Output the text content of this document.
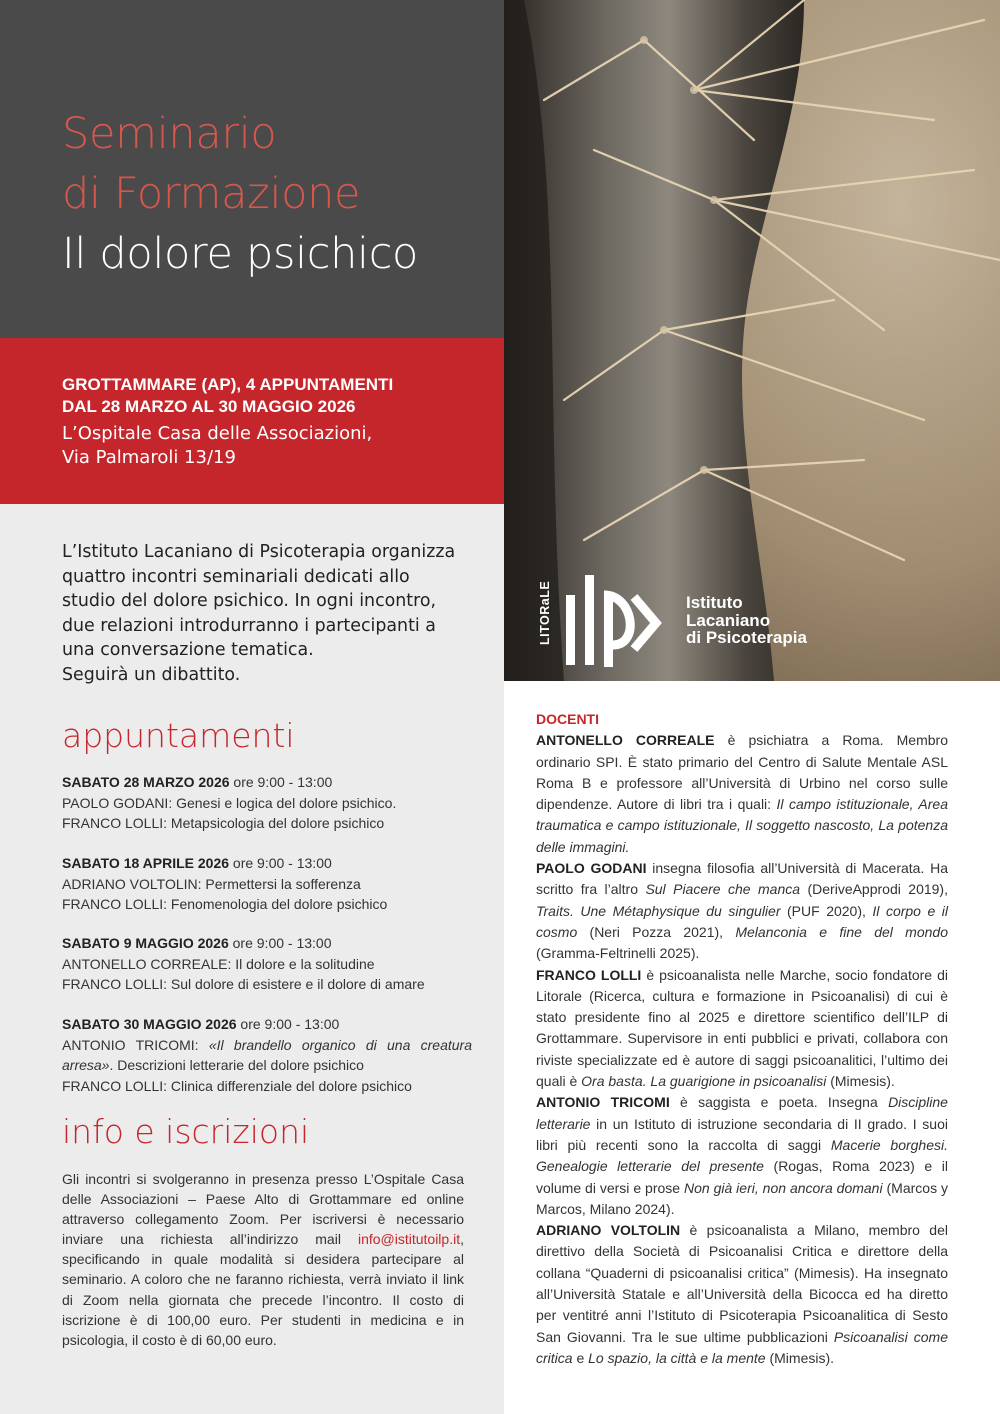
Seminario
di Formazione
Il dolore psichico
GROTTAMMARE (AP), 4 APPUNTAMENTI
DAL 28 MARZO AL 30 MAGGIO 2026
L’Ospitale Casa delle Associazioni,
Via Palmaroli 13/19
LITORaLE	Istituto
Lacaniano
di Psicoterapia
L’Istituto Lacaniano di Psicoterapia organizza quattro incontri seminariali dedicati allo studio del dolore psichico. In ogni incontro, due relazioni introdurranno i partecipanti a una conversazione tematica.
Seguirà un dibattito.
appuntamenti
SABATO 28 MARZO 2026 ore 9:00 - 13:00
PAOLO GODANI: Genesi e logica del dolore psichico.
FRANCO LOLLI: Metapsicologia del dolore psichico
SABATO 18 APRILE 2026 ore 9:00 - 13:00
ADRIANO VOLTOLIN: Permettersi la sofferenza
FRANCO LOLLI: Fenomenologia del dolore psichico
SABATO 9 MAGGIO 2026 ore 9:00 - 13:00
ANTONELLO CORREALE: Il dolore e la solitudine
FRANCO LOLLI: Sul dolore di esistere e il dolore di amare
SABATO 30 MAGGIO 2026 ore 9:00 - 13:00
ANTONIO TRICOMI: «Il brandello organico di una creatura arresa». Descrizioni letterarie del dolore psichico
FRANCO LOLLI: Clinica differenziale del dolore psichico
info e iscrizioni
Gli incontri si svolgeranno in presenza presso L’Ospitale Casa delle Associazioni – Paese Alto di Grottammare ed online attraverso collegamento Zoom. Per iscriversi è necessario inviare una richiesta all’indirizzo mail info@istitutoilp.it, specificando in quale modalità si desidera partecipare al seminario. A coloro che ne faranno richiesta, verrà inviato il link di Zoom nella giornata che precede l’incontro. Il costo di iscrizione è di 100,00 euro. Per studenti in medicina e in psicologia, il costo è di 60,00 euro.
DOCENTI

ANTONELLO CORREALE è psichiatra a Roma. Membro ordinario SPI. È stato primario del Centro di Salute Mentale ASL Roma B e professore all’Università di Urbino nel corso sulle dipendenze. Autore di libri tra i quali: Il campo istituzionale, Area traumatica e campo istituzionale, Il soggetto nascosto, La potenza delle immagini.

PAOLO GODANI insegna filosofia all’Università di Macerata. Ha scritto fra l’altro Sul Piacere che manca (DeriveApprodi 2019), Traits. Une Métaphysique du singulier (PUF 2020), Il corpo e il cosmo (Neri Pozza 2021), Melanconia e fine del mondo (Gramma-Feltrinelli 2025).

FRANCO LOLLI è psicoanalista nelle Marche, socio fondatore di Litorale (Ricerca, cultura e formazione in Psicoanalisi) di cui è stato presidente fino al 2025 e direttore scientifico dell’ILP di Grottammare. Supervisore in enti pubblici e privati, collabora con riviste specializzate ed è autore di saggi psicoanalitici, l’ultimo dei quali è Ora basta. La guarigione in psicoanalisi (Mimesis).

ANTONIO TRICOMI è saggista e poeta. Insegna Discipline letterarie in un Istituto di istruzione secondaria di II grado. I suoi libri più recenti sono la raccolta di saggi Macerie borghesi. Genealogie letterarie del presente (Rogas, Roma 2023) e il volume di versi e prose Non già ieri, non ancora domani (Marcos y Marcos, Milano 2024).

ADRIANO VOLTOLIN è psicoanalista a Milano, membro del direttivo della Società di Psicoanalisi Critica e direttore della collana “Quaderni di psicoanalisi critica” (Mimesis). Ha insegnato all’Università Statale e all’Università della Bicocca ed ha diretto per ventitré anni l’Istituto di Psicoterapia Psicoanalitica di Sesto San Giovanni. Tra le sue ultime pubblicazioni Psicoanalisi come critica e Lo spazio, la città e la mente (Mimesis).
